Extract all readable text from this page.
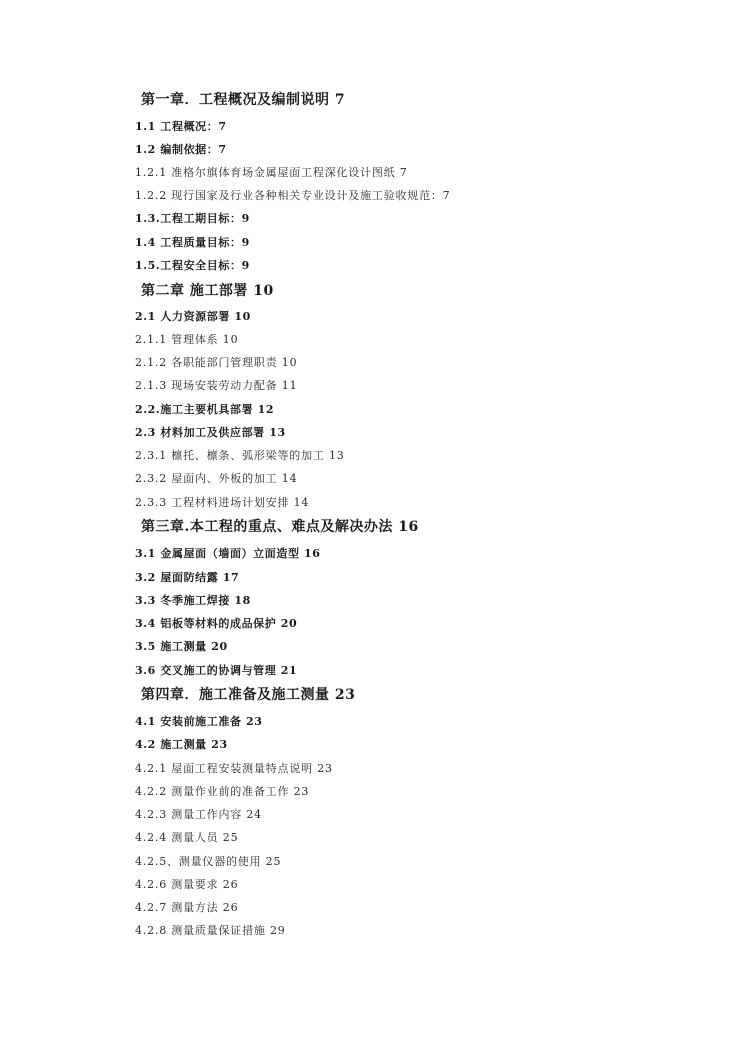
第一章．工程概况及编制说明 7
1.1 工程概况：7
1.2 编制依据：7
1.2.1 准格尔旗体育场金属屋面工程深化设计图纸 7
1.2.2 现行国家及行业各种相关专业设计及施工验收规范：7
1.3.工程工期目标：9
1.4 工程质量目标：9
1.5.工程安全目标：9
第二章 施工部署 10
2.1 人力资源部署 10
2.1.1 管理体系 10
2.1.2 各职能部门管理职责 10
2.1.3 现场安装劳动力配备 11
2.2.施工主要机具部署 12
2.3 材料加工及供应部署 13
2.3.1 檩托、檩条、弧形梁等的加工 13
2.3.2 屋面内、外板的加工 14
2.3.3 工程材料进场计划安排 14
第三章.本工程的重点、难点及解决办法 16
3.1 金属屋面（墙面）立面造型 16
3.2 屋面防结露 17
3.3 冬季施工焊接 18
3.4 铝板等材料的成品保护 20
3.5 施工测量 20
3.6 交叉施工的协调与管理 21
第四章．施工准备及施工测量 23
4.1 安装前施工准备 23
4.2 施工测量 23
4.2.1 屋面工程安装测量特点说明 23
4.2.2 测量作业前的准备工作 23
4.2.3 测量工作内容 24
4.2.4 测量人员 25
4.2.5、测量仪器的使用 25
4.2.6 测量要求 26
4.2.7 测量方法 26
4.2.8 测量质量保证措施 29
